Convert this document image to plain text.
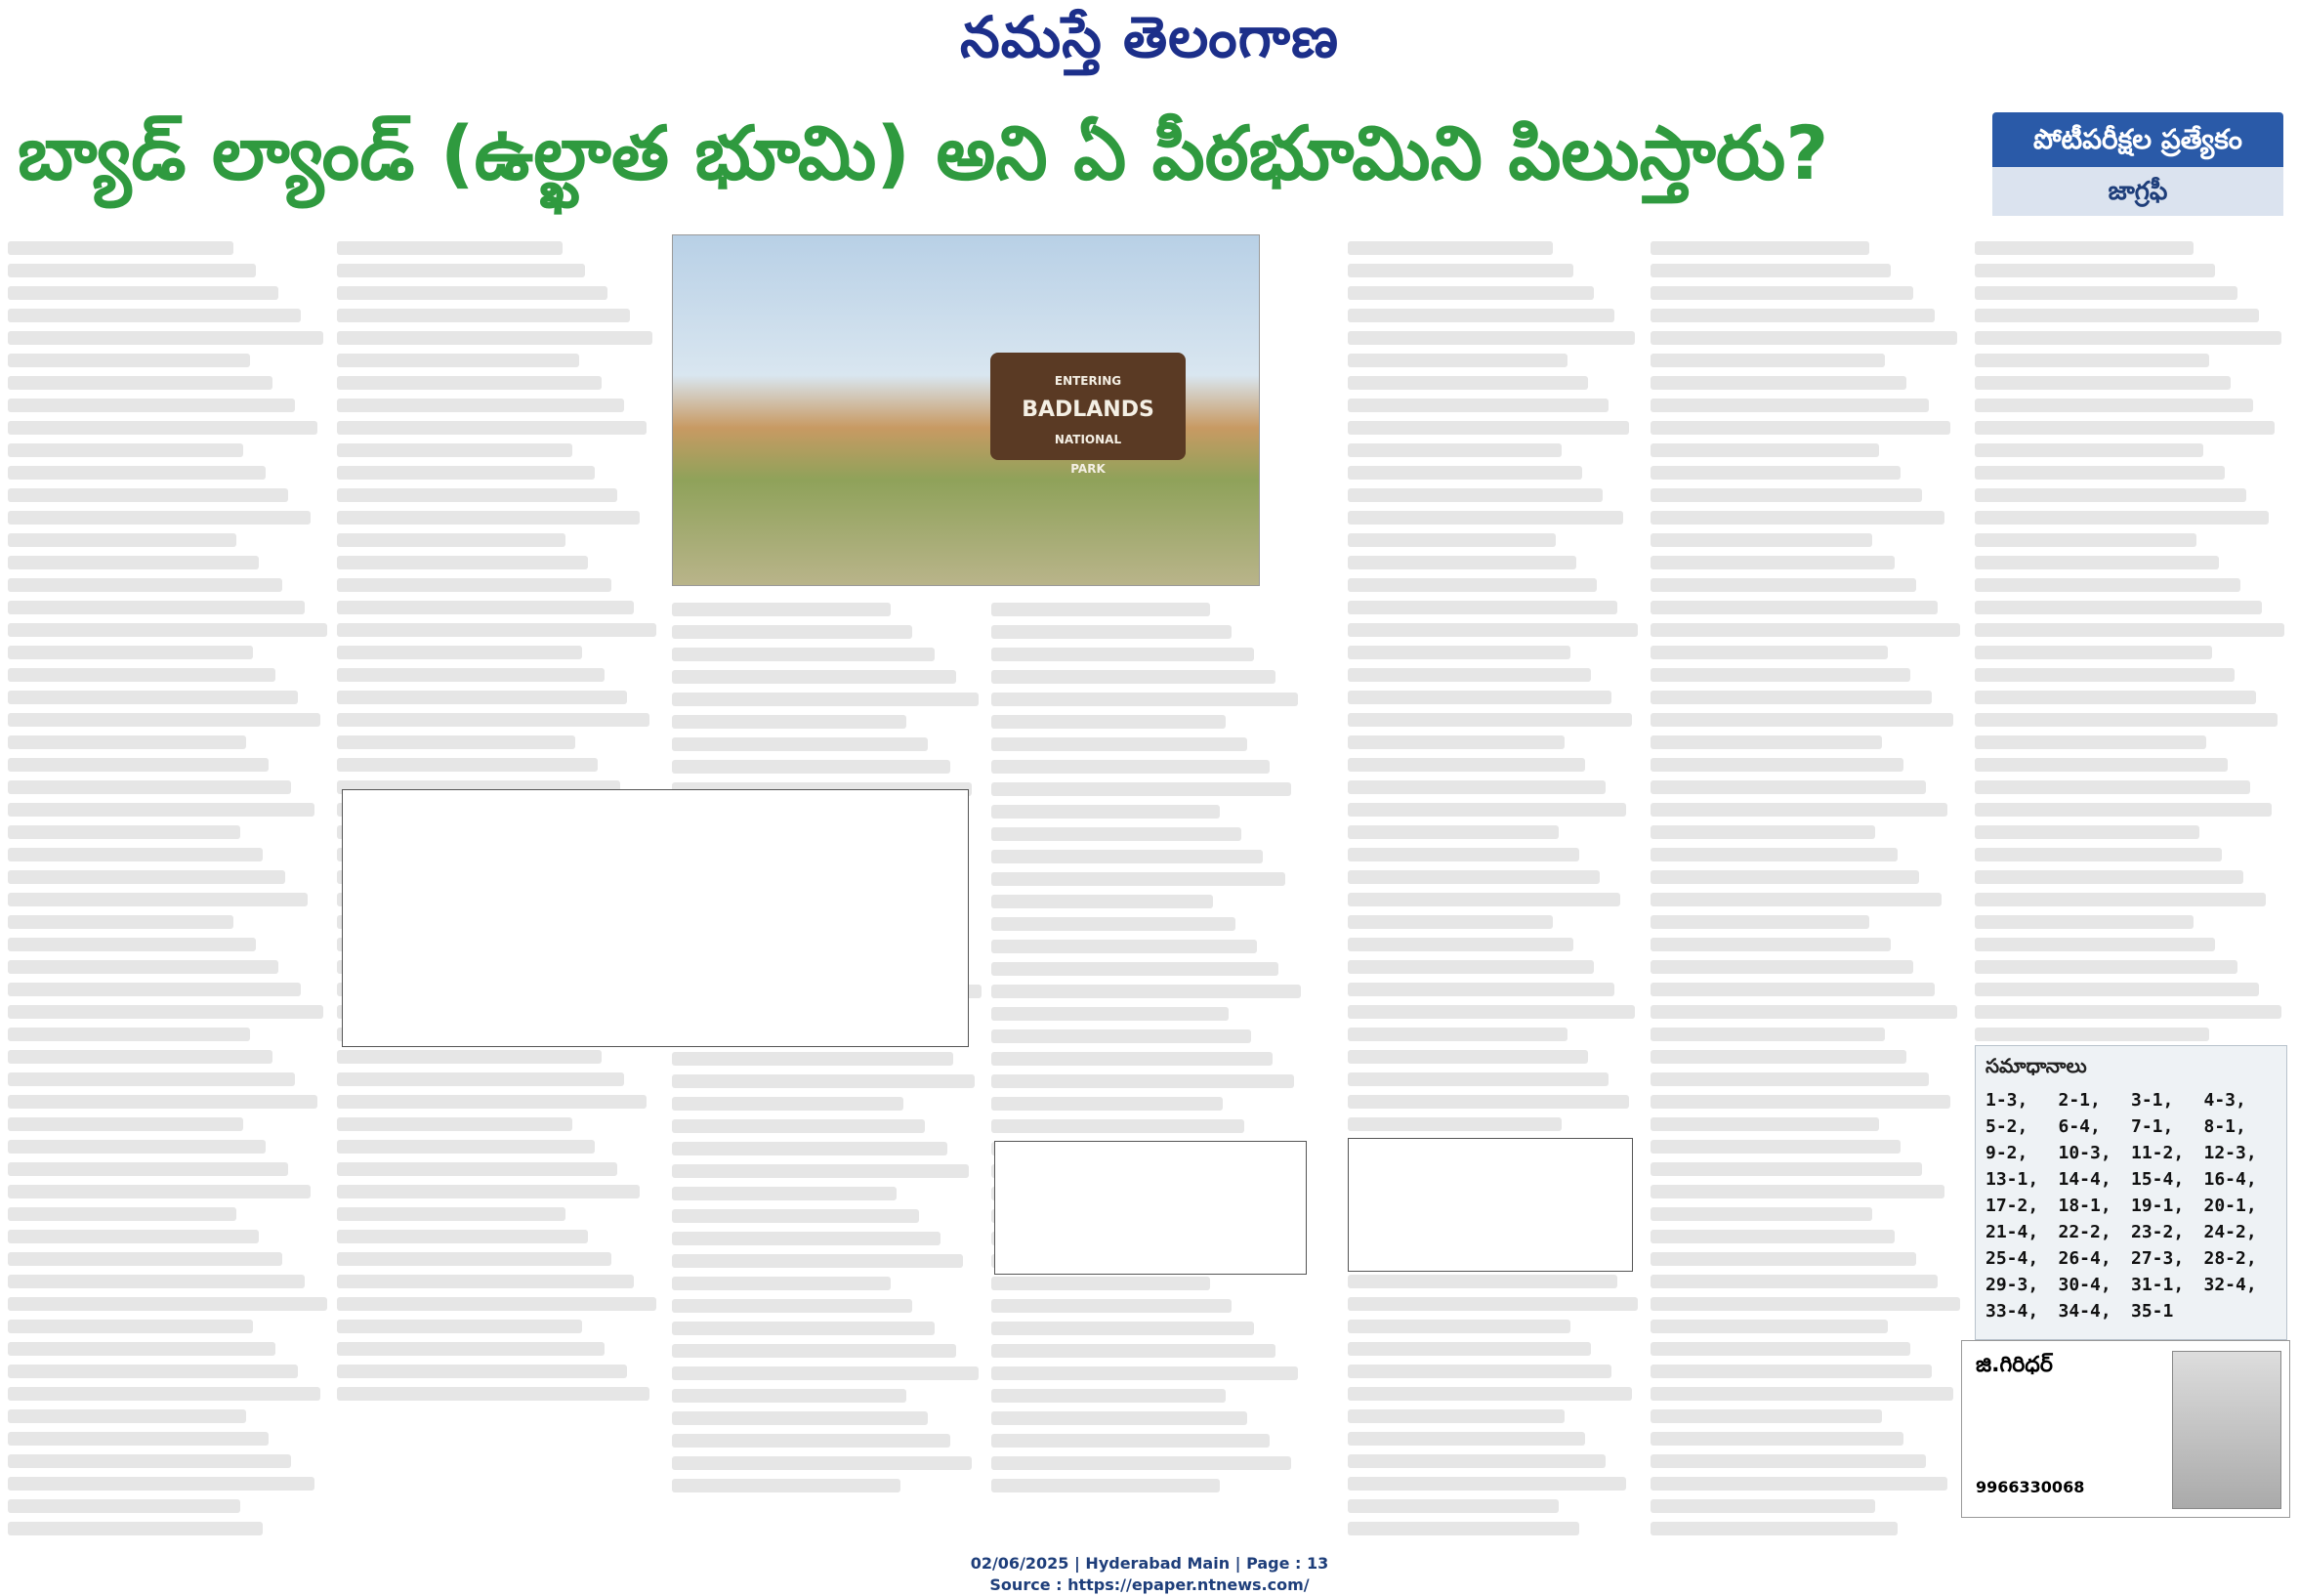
నమస్తే తెలంగాణ
బ్యాడ్ ల్యాండ్ (ఉల్ఖాత భూమి) అని ఏ పీఠభూమిని పిలుస్తారు?	పోటీపరీక్షల ప్రత్యేకం
జాగ్రఫీ
ENTERING
BADLANDS
NATIONAL
PARK
సమాధానాలు
1-3,	2-1,	3-1,	4-3,
5-2,	6-4,	7-1,	8-1,
9-2,	10-3,	11-2,	12-3,
13-1,	14-4,	15-4,	16-4,
17-2,	18-1,	19-1,	20-1,
21-4,	22-2,	23-2,	24-2,
25-4,	26-4,	27-3,	28-2,
29-3,	30-4,	31-1,	32-4,
33-4,	34-4,	35-1
జి.గిరిధర్
9966330068
02/06/2025 | Hyderabad Main | Page : 13
Source : https://epaper.ntnews.com/
